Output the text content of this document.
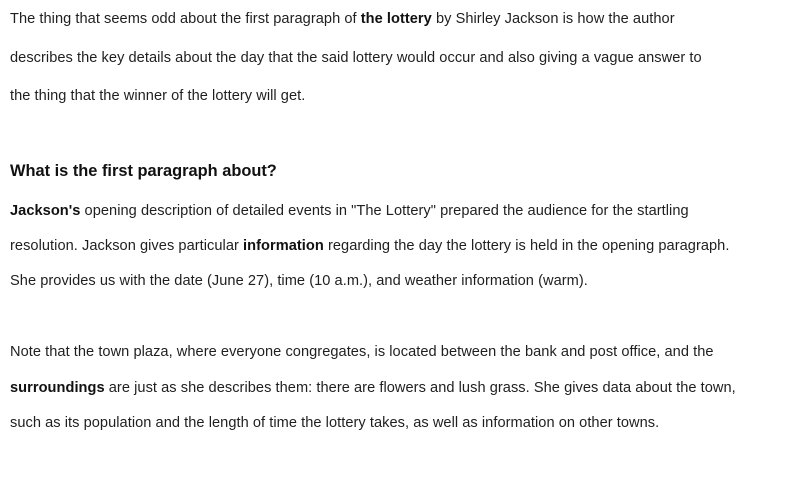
The thing that seems odd about the first paragraph of the lottery by Shirley Jackson is how the author
describes the key details about the day that the said lottery would occur and also giving a vague answer to
the thing that the winner of the lottery will get.
What is the first paragraph about?
Jackson's opening description of detailed events in "The Lottery" prepared the audience for the startling
resolution. Jackson gives particular information regarding the day the lottery is held in the opening paragraph.
She provides us with the date (June 27), time (10 a.m.), and weather information (warm).
Note that the town plaza, where everyone congregates, is located between the bank and post office, and the
surroundings are just as she describes them: there are flowers and lush grass. She gives data about the town,
such as its population and the length of time the lottery takes, as well as information on other towns.
